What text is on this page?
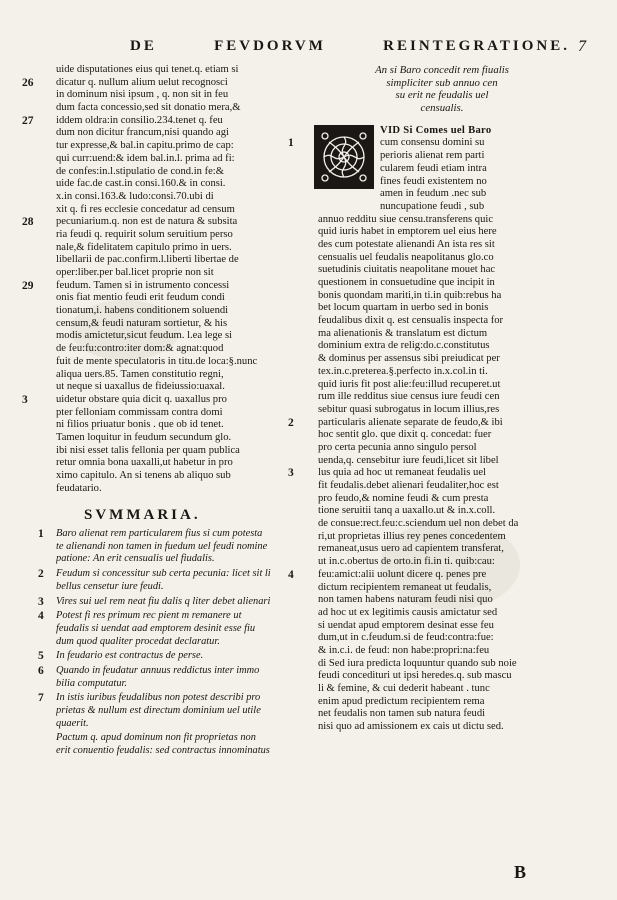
DE	FEVDORVM	REINTEGRATIONE. 7
uide disputationes eius qui tenet.q. etiam si
26 dicatur q. nullum alium uelut recognosci
in dominum nisi ipsum , q. non sit in feu
dum facta concessio,sed sit donatio mera,&
27 iddem oldra:in consilio.234.tenet q. feu
dum non dicitur francum,nisi quando agi
tur expresse,& bal.in capitu.primo de cap:
qui curr:uend:& idem bal.in.l. prima ad fi:
de confes:in.l.stipulatio de cond.in fe:&
uide fac.de cast.in consi.160.& in consi.
x.in consi.163.& ludo:consi.70.ubi di
xit q. fi res ecclesie concedatur ad censum
28 pecuniarium.q. non est de natura & subsita
ria feudi q. requirit solum seruitium perso
nale,& fidelitatem capitulo primo in uers.
libellarii de pac.confirm.l.liberti libertae de
oper:liber.per bal.licet proprie non sit
29 feudum. Tamen si in istrumento concessi
onis fiat mentio feudi erit feudum condi
tionatum,i. habens conditionem soluendi
censum,& feudi naturam sortietur, & his
modis amictetur,sicut feudum. l.ea lege si
de feu:fu:contro:iter dom:& agnat:quod
fuit de mente speculatoris in titu.de loca:§.nunc
aliqua uers.85. Tamen constitutio regni,
ut neque si uaxallus de fideiussio:uaxal.
3	uidetur obstare quia dicit q. uaxallus pro
pter felloniam commissam contra domi
ni filios priuatur bonis . que ob id tenet.
Tamen loquitur in feudum secundum glo.
ibi nisi esset talis fellonia per quam publica
retur omnia bona uaxalli,ut habetur in pro
ximo capitulo. An si tenens ab aliquo sub
feudatario.
SVMMARIA.
1 Baro alienat rem particularem fius si cum potesta
te alienandi non tamen in fuedum uel feudi nomine
patione: An erit censualis uel fiudalis.
2 Feudum si concessitur sub certa pecunia: licet sit li
bellus censetur iure feudi.
3 Vires sui uel rem neat fiu dalis q liter debet alienari
4 Potest fi res primum rec pient m remanere ut
feudalis si uendat aad emptorem desinit esse fiu
dum quod qualiter procedat declaratur.
5 In feudario est contractus de perse.
6 Quando in feudatur annuus reddictus inter immo
bilia computatur.
7 In istis iuribus feudalibus non potest describi pro
prietas & nullum est directum dominium uel utile
quaerit.
Pactum q. apud dominum non fit proprietas non
erit conuentio feudalis: sed contractus innominatus
An si Baro concedit rem fiualis
simpliciter sub annuo cen
su erit ne feudalis uel
censualis.
VID Si Comes uel Baro
1	cum consensu domini su
perioris alienat rem parti
cularem feudi etiam intra
fines feudi existentem no
amen in feudum .nec sub
nuncupatione feudi , sub
annuo redditu siue censu.transferens quic
quid iuris habet in emptorem uel eius here
des cum potestate alienandi An ista res sit
censualis uel feudalis neapolitanus glo.co
suetudinis ciuitatis neapolitane mouet hac
questionem in consuetudine que incipit in
bonis quondam mariti,in ti.in quib:rebus ha
bet locum quartam in uerbo sed in bonis
feudalibus dixit q. est censualis inspecta for
ma alienationis & translatum est dictum
dominium extra de relig:do.c.constitutus
& dominus per assensus sibi preiudicat per
tex.in.c.preterea.§.perfecto in.x.col.in ti.
quid iuris fit post alie:feu:illud recuperet.ut
rum ille redditus siue census iure feudi cen
sebitur quasi subrogatus in locum illius,res
2 particularis alienate separate de feudo,& ibi
hoc sentit glo. que dixit q. concedat: fuer
pro certa pecunia anno singulo persol
uenda,q. censebitur iure feudi,licet sit libel
3 lus quia ad hoc ut remaneat feudalis uel
fit feudalis.debet alienari feudaliter,hoc est
pro feudo,& nomine feudi & cum presta
tione seruitii tanq a uaxallo.ut & in.x.coll.
de consue:rect.feu:c.sciendum uel non debet da
ri,ut proprietas illius rey penes concedentem
remaneat,usus uero ad capientem transferat,
ut in.c.obertus de orto.in fi.in ti. quib:cau:
4 feu:amict:alii uolunt dicere q. penes pre
dictum recipientem remaneat ut feudalis,
non tamen habens naturam feudi nisi quo
ad hoc ut ex legitimis causis amictatur sed
si uendat apud emptorem desinat esse feu
dum,ut in c.feudum.si de feud:contra:fue:
& in.c.i. de feud: non habe:propri:na:feu
di Sed iura predicta loquuntur quando sub noie
feudi concedituri ut ipsi heredes.q. sub mascu
li & femine, & cui dederit habeant . tunc
enim apud predictum recipientem rema
net feudalis non tamen sub natura feudi
nisi quo ad amissionem ex cais ut dictu sed.
B
